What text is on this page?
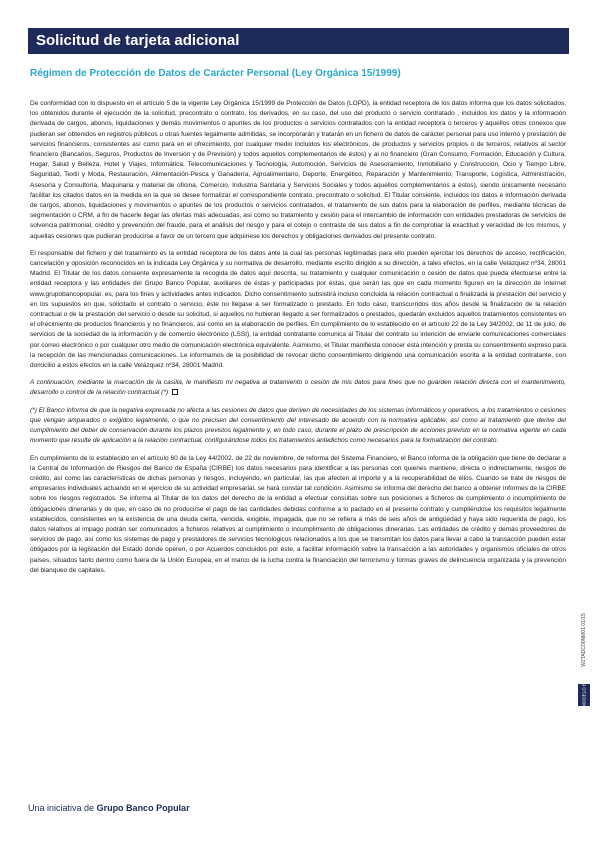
Solicitud de tarjeta adicional
Régimen de Protección de Datos de Carácter Personal (Ley Orgánica 15/1999)

De conformidad con lo dispuesto en el artículo 5 de la vigente Ley Orgánica 15/1999 de Protección de Datos (LOPD), la entidad receptora de los datos informa que los datos solicitados, los obtenidos durante el ejecución de la solicitud, precontrato o contrato, los derivados, en su caso, del uso del producto o servicio contratado , incluidos los datos y la información derivada de cargos, abonos, liquidaciones y demás movimientos o apuntes de los productos o servicios contratados con la entidad receptora o terceros y aquellos otros conexos que pudieran ser obtenidos en registros públicos u otras fuentes legalmente admitidas, se incorporarán y tratarán en un fichero de datos de carácter personal para uso interno y prestación de servicios financieros, consistentes así como para en el ofrecimiento, por cualquier medio incluidos los electrónicos, de productos y servicios propios o de terceros, relativos al sector financiero (Bancarios, Seguros, Productos de Inversión y de Previsión) y todos aquellos complementarios de éstos) y al no financiero (Gran Consumo, Formación, Educación y Cultura, Hogar, Salud y Belleza, Hotel y Viajes, Informática, Telecomunicaciones y Tecnología, Automoción, Servicios de Asesoramiento, Inmobiliario y Construcción, Ocio y Tiempo Libre, Seguridad, Textil y Moda, Restauración, Alimentación-Pesca y Ganadería, Agroalimentario, Deporte, Energético, Reparación y Mantenimiento, Transporte, Logística, Administración, Asesoría y Consultoría, Maquinaria y material de oficina, Comercio, Industria Sanitaria y Servicios Sociales y todos aquellos complementarios a éstos), siendo únicamente necesario facilitar los citados datos en la medida en la que se desee formalizar el correspondiente contrato, precontrato o solicitud. El Titular consiente, incluidos los datos e información derivada de cargos, abonos, liquidaciones y movimientos o apuntes de los productos o servicios contratados, el tratamiento de sus datos para la elaboración de perfiles, mediante técnicas de segmentación o CRM, a fin de hacerle llegar las ofertas más adecuadas, así como su tratamiento y cesión para el intercambio de información con entidades prestadoras de servicios de solvencia patrimonial, crédito y prevención del fraude, para el análisis del riesgo y para el cotejo o contraste de sus datos a fin de comprobar la exactitud y veracidad de los mismos, y aquellas cesiones que pudieran producirse a favor de un tercero que adquiriese los derechos y obligaciones derivados del presente contrato.

El responsable del fichero y del tratamiento es la entidad receptora de los datos ante la cual las personas legitimadas para ello pueden ejercitar los derechos de acceso, rectificación, cancelación y oposición reconocidos en la indicada Ley Orgánica y su normativa de desarrollo, mediante escrito dirigido a su dirección, a tales efectos, en la calle Velázquez nº34, 28001 Madrid. El Titular de los datos consiente expresamente la recogida de datos aquí descrita, su tratamiento y cualquier comunicación o cesión de datos que pueda efectuarse entre la entidad receptora y las entidades del Grupo Banco Popular, auxiliares de éstas y participadas por éstas, que serán las que en cada momento figuren en la dirección de Internet www.grupobancopopular. es, para los fines y actividades antes indicados. Dicho consentimiento subsistirá incluso concluida la relación contractual o finalizada la prestación del servicio y en los supuestos en que, solicitado el contrato o servicio, éste no llegase a ser formalizado o prestado. En todo caso, transcurridos dos años desde la finalización de la relación contractual o de la prestación del servicio o desde su solicitud, si aquellos no hubieran llegado a ser formalizados o prestados, quedarán excluidos aquellos tratamientos consistentes en el ofrecimiento de productos financieros y no financieros, así como en la elaboración de perfiles. En cumplimiento de lo establecido en el artículo 22 de la Ley 34/2002, de 11 de julio, de servicios de la sociedad de la información y de comercio electrónico (LSSI), la entidad contratante comunica al Titular del contrato su intención de enviarle comunicaciones comerciales por correo electrónico o por cualquier otro medio de comunicación electrónica equivalente. Asimismo, el Titular manifiesta conocer esta intención y presta su consentimiento expreso para la recepción de las mencionadas comunicaciones. Le informamos de la posibilidad de revocar dicho consentimiento dirigiendo una comunicación escrita a la entidad contratante, con domicilio a estos efectos en la calle Velázquez nº34, 28001 Madrid.

A continuación, mediante la marcación de la casilla, le manifiesto mi negativa al tratamiento o cesión de mis datos para fines que no guarden relación directa con el mantenimiento, desarrollo o control de la relación contractual (*)

(*) El Banco informa de que la negativa expresada no afecta a las cesiones de datos que deriven de necesidades de los sistemas informáticos y operativos, a los tratamientos o cesiones que vengan amparados o exigidos legalmente, o que no precisen del consentimiento del interesado de acuerdo con la normativa aplicable, así como al tratamiento que derive del cumplimiento del deber de conservación durante los plazos previstos legalmente y, en todo caso, durante el plazo de prescripción de acciones previsto en la normativa vigente en cada momento que resulte de aplicación a la relación contractual, configurándose todos los tratamientos antedichos como necesarios para la formalización del contrato.

En cumplimiento de lo establecido en el artículo 60 de la Ley 44/2002, de 22 de noviembre, de reforma del Sistema Financiero, el Banco informa de la obligación que tiene de declarar a la Central de Información de Riesgos del Banco de España (CIRBE) los datos necesarios para identificar a las personas con quienes mantiene, directa o indirectamente, riesgos de crédito, así como las características de dichas personas y riesgos, incluyendo, en particular, las que afecten al importe y a la recuperabilidad de éllos. Cuando se trate de riesgos de empresarios individuales actuando en el ejercicio de su actividad empresarial, se hará constar tal condición. Asimismo se informa del derecho del banco a obtener informes de la CIRBE sobre los riesgos registrados. Se informa al Titular de los datos del derecho de la entidad a efectuar consultas sobre sus posiciones a ficheros de cumplimiento o incumplimiento de obligaciones dinerarias y de que, en caso de no producirse el pago de las cantidades debidas conforme a lo pactado en el presente contrato y cumpliéndose los requisitos legalmente establecidos, consistentes en la existencia de una deuda cierta, vencida, exigible, impagada, que no se refiera a más de seis años de antigüedad y haya sido requerida de pago, los datos relativos al impago podrán ser comunicados a ficheros relativos al cumplimiento o incumplimiento de obligaciones dinerarias. Las entidades de crédito y demás proveedores de servicios de pago, así como los sistemas de pago y prestadores de servicios tecnológicos relacionados a los que se transmitan los datos para llevar a cabo la transacción pueden estar obligados por la legislación del Estado donde operen, o por Acuerdos concluidos por éste, a facilitar información sobre la transacción a las autoridades y organismos oficiales de otros países, situados tanto dentro como fuera de la Unión Europea, en el marco de la lucha contra la financiación del terrorismo y formas graves de delincuencia organizada y la prevención del blanqueo de capitales.

W2TADC00NM01 01/15
MODELO B
Una iniciativa de Grupo Banco Popular
